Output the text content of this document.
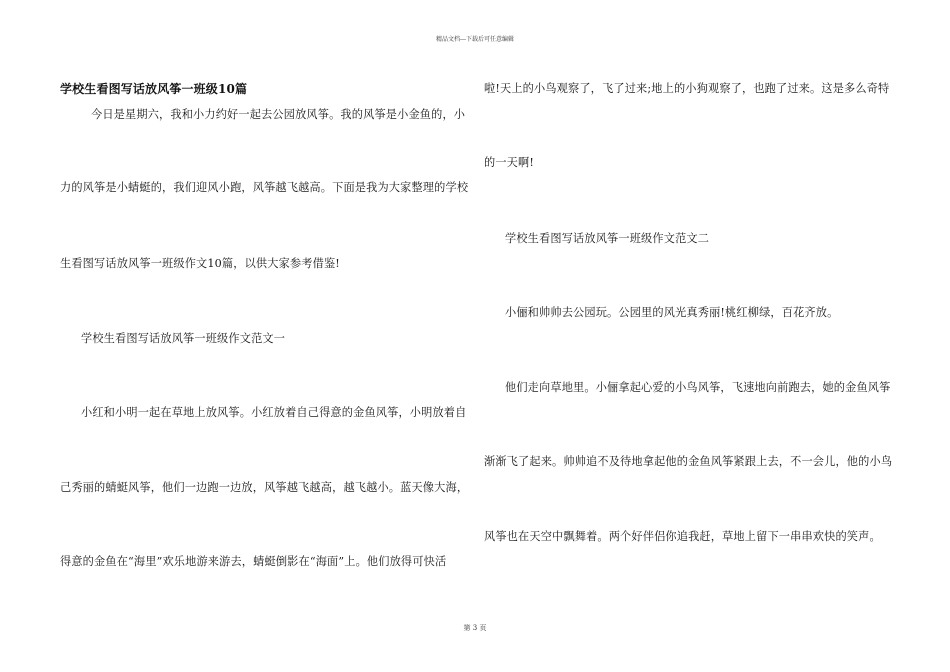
精品文档---下载后可任意编辑
学校生看图写话放风筝一班级10篇
今日是星期六，我和小力约好一起去公园放风筝。我的风筝是小金鱼的，小
力的风筝是小蜻蜓的，我们迎风小跑，风筝越飞越高。下面是我为大家整理的学校
生看图写话放风筝一班级作文10篇，以供大家参考借鉴!
学校生看图写话放风筝一班级作文范文一
小红和小明一起在草地上放风筝。小红放着自己得意的金鱼风筝，小明放着自
己秀丽的蜻蜓风筝，他们一边跑一边放，风筝越飞越高，越飞越小。蓝天像大海，
得意的金鱼在“海里”欢乐地游来游去，蜻蜓倒影在“海面”上。他们放得可快活
啦!天上的小鸟观察了，飞了过来;地上的小狗观察了，也跑了过来。这是多么奇特
的一天啊!
学校生看图写话放风筝一班级作文范文二
小俪和帅帅去公园玩。公园里的风光真秀丽!桃红柳绿，百花齐放。
他们走向草地里。小俪拿起心爱的小鸟风筝，飞速地向前跑去，她的金鱼风筝
渐渐飞了起来。帅帅追不及待地拿起他的金鱼风筝紧跟上去，不一会儿，他的小鸟
风筝也在天空中飘舞着。两个好伴侣你追我赶，草地上留下一串串欢快的笑声。
第 3 页
